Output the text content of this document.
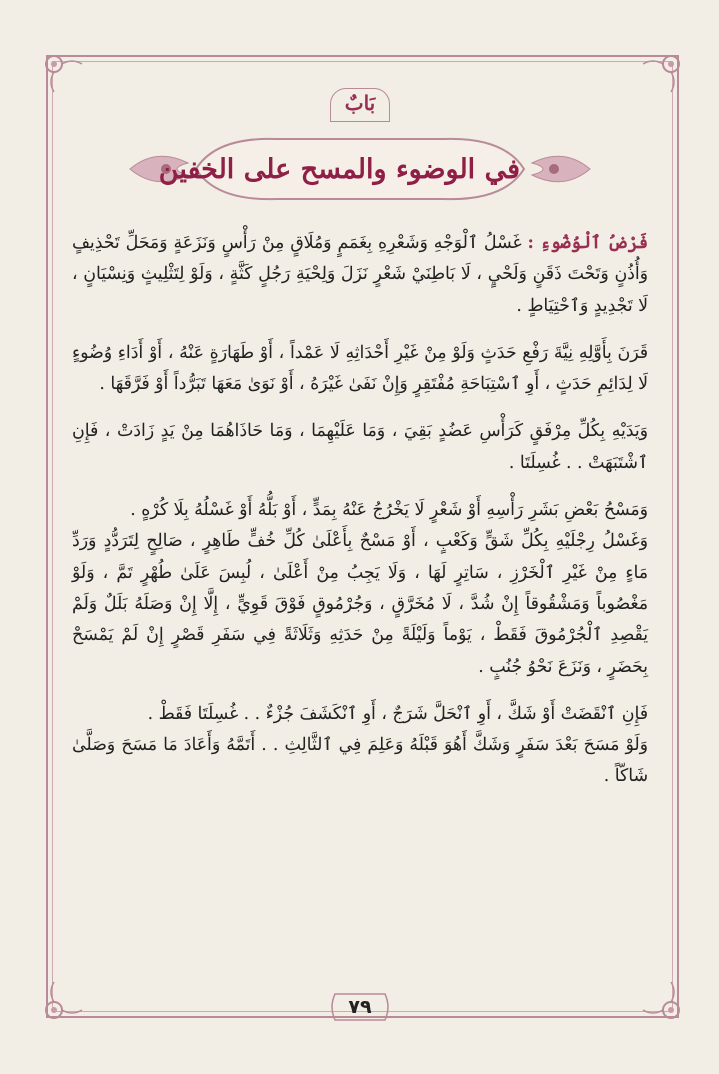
بَابٌ
في الوضوء والمسح على الخفين

فَرْضُ ٱلْوُضُوءِ : غَسْلُ ٱلْوَجْهِ وَشَعْرِهِ بِغَمَمٍ وَمُلَاقٍ مِنْ رَأْسٍ وَنَزَعَةٍ وَمَحَلِّ تَحْذِيفٍ وَأُذُنٍ وَتَحْتَ ذَقَنٍ وَلَحْيٍ ، لَا بَاطِنَيْ شَعْرٍ نَزَلَ وَلِحْيَةِ رَجُلٍ كَثَّةٍ ، وَلَوْ لِتَثْلِيثٍ وَنِسْيَانٍ ، لَا تَجْدِيدٍ وَٱحْتِيَاطٍ .

قَرَنَ بِأَوَّلِهِ نِيَّةَ رَفْعِ حَدَثٍ وَلَوْ مِنْ غَيْرِ أَحْدَاثِهِ لَا عَمْداً ، أَوْ طَهَارَةٍ عَنْهُ ، أَوْ أَدَاءِ وُضُوءٍ لَا لِدَائِمِ حَدَثٍ ، أَوِ ٱسْتِبَاحَةِ مُفْتَقِرٍ وَإِنْ نَفَىٰ غَيْرَهُ ، أَوْ نَوَىٰ مَعَهَا تَبَرُّداً أَوْ فَرَّقَهَا .

وَيَدَيْهِ بِكُلِّ مِرْفَقٍ كَرَأْسِ عَضُدٍ بَقِيَ ، وَمَا عَلَيْهِمَا ، وَمَا حَاذَاهُمَا مِنْ يَدٍ زَادَتْ ، فَإِنِ ٱشْتَبَهَتْ . . غُسِلَتَا .

وَمَسْحُ بَعْضِ بَشَرِ رَأْسِهِ أَوْ شَعْرٍ لَا يَخْرُجُ عَنْهُ بِمَدٍّ ، أَوْ بَلُّهُ أَوْ غَسْلُهُ بِلَا كُرْهٍ .

وَغَسْلُ رِجْلَيْهِ بِكُلِّ شَقٍّ وَكَعْبٍ ، أَوْ مَسْحٌ بِأَعْلَىٰ كُلِّ خُفٍّ طَاهِرٍ ، صَالِحٍ لِتَرَدُّدٍ وَرَدِّ مَاءٍ مِنْ غَيْرِ ٱلْخَرْزِ ، سَاتِرٍ لَهَا ، وَلَا يَجِبُ مِنْ أَعْلَىٰ ، لُبِسَ عَلَىٰ طُهْرٍ تَمَّ ، وَلَوْ مَغْصُوباً وَمَشْقُوقاً إِنْ شُدَّ ، لَا مُخَرَّقٍ ، وَجُرْمُوقٍ فَوْقَ قَوِيٍّ ، إِلَّا إِنْ وَصَلَهُ بَلَلٌ وَلَمْ يَقْصِدِ ٱلْجُرْمُوقَ فَقَطْ ، يَوْماً وَلَيْلَةً مِنْ حَدَثِهِ وَثَلَاثَةً فِي سَفَرِ قَصْرٍ إِنْ لَمْ يَمْسَحْ بِحَضَرٍ ، وَنَزَعَ نَحْوُ جُنُبٍ .

فَإِنِ ٱنْقَضَتْ أَوْ شَكَّ ، أَوِ ٱنْحَلَّ شَرَجٌ ، أَوِ ٱنْكَشَفَ جُزْءٌ . . غُسِلَتَا فَقَطْ .

وَلَوْ مَسَحَ بَعْدَ سَفَرٍ وَشَكَّ أَهُوَ قَبْلَهُ وَعَلِمَ فِي ٱلثَّالِثِ . . أَتَمَّهُ وَأَعَادَ مَا مَسَحَ وَصَلَّىٰ شَاكّاً .

٧٩
